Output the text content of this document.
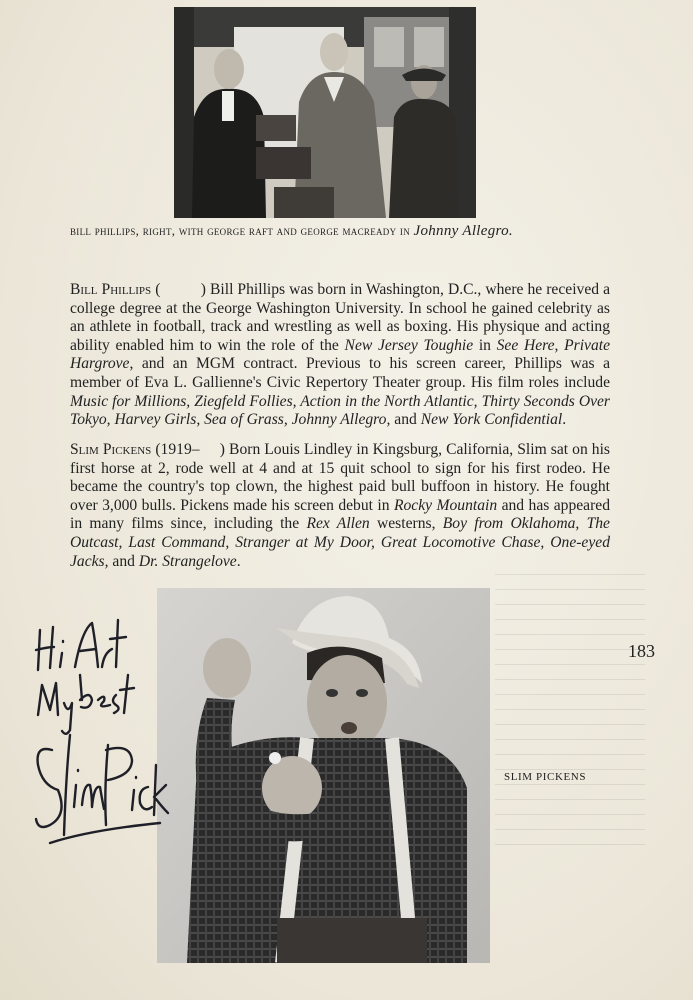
bill phillips, right, with george raft and george macready in Johnny Allegro.
Bill Phillips (          ) Bill Phillips was born in Washington, D.C., where he received a college degree at the George Washington University. In school he gained celebrity as an athlete in football, track and wrestling as well as boxing. His physique and acting ability enabled him to win the role of the New Jersey Toughie in See Here, Private Hargrove, and an MGM contract. Previous to his screen career, Phillips was a member of Eva L. Gallienne's Civic Repertory Theater group. His film roles include Music for Millions, Ziegfeld Follies, Action in the North Atlantic, Thirty Seconds Over Tokyo, Harvey Girls, Sea of Grass, Johnny Allegro, and New York Confidential.
Slim Pickens (1919–     ) Born Louis Lindley in Kingsburg, California, Slim sat on his first horse at 2, rode well at 4 and at 15 quit school to sign for his first rodeo. He became the country's top clown, the highest paid bull buffoon in history. He fought over 3,000 bulls. Pickens made his screen debut in Rocky Mountain and has appeared in many films since, including the Rex Allen westerns, Boy from Oklahoma, The Outcast, Last Command, Stranger at My Door, Great Locomotive Chase, One-eyed Jacks, and Dr. Strangelove.
183
SLIM PICKENS
